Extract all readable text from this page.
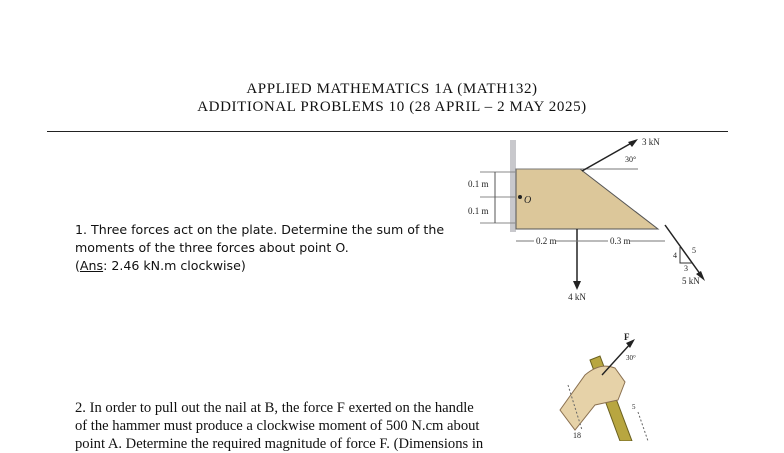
APPLIED MATHEMATICS 1A (MATH132)
ADDITIONAL PROBLEMS 10 (28 APRIL – 2 MAY 2025)
1. Three forces act on the plate. Determine the sum of the
moments of the three forces about point O.
(Ans: 2.46 kN.m clockwise)
0.1 m
0.1 m
O
3 kN
30°
4 kN
0.2 m	0.3 m
4
5
3
5 kN
2. In order to pull out the nail at B, the force F exerted on the handle
of the hammer must produce a clockwise moment of 500 N.cm about
point A. Determine the required magnitude of force F. (Dimensions in
F
30°
5
18
